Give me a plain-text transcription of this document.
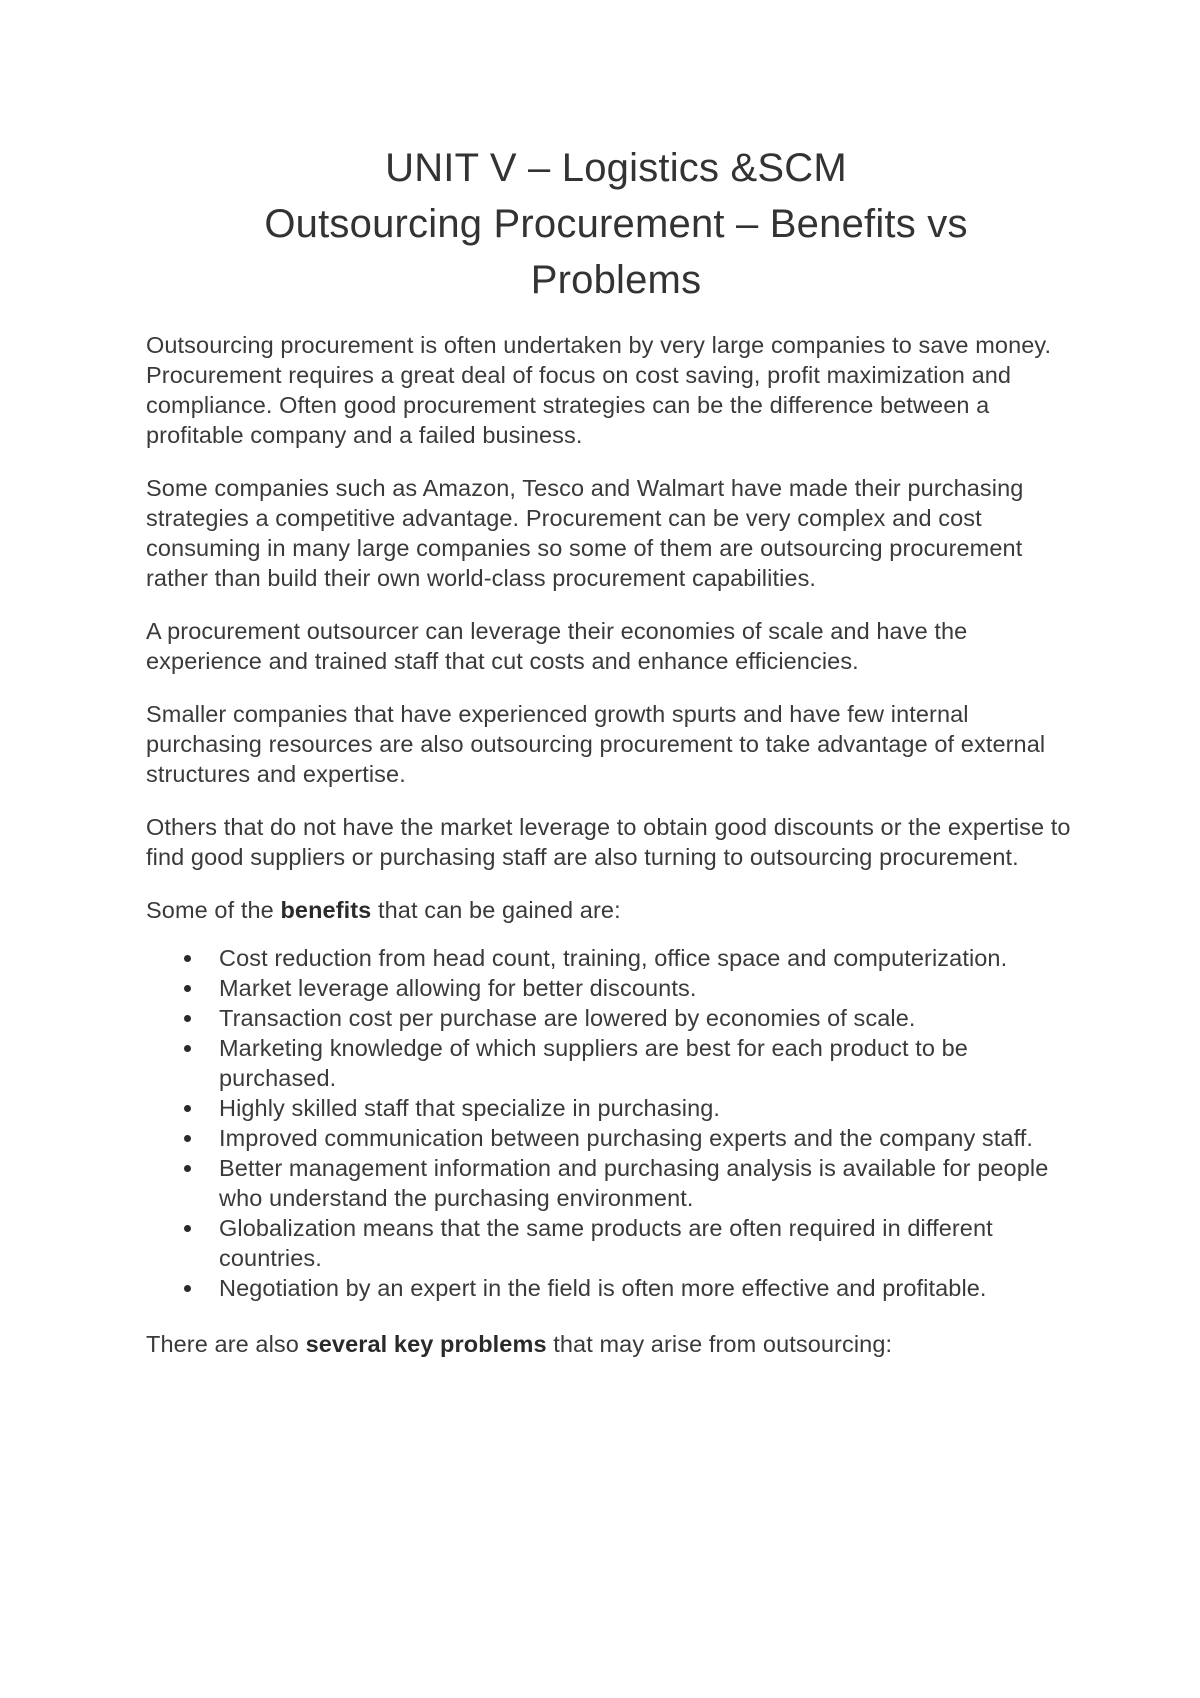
UNIT V – Logistics &SCM
Outsourcing Procurement – Benefits vs Problems

Outsourcing procurement is often undertaken by very large companies to save money. Procurement requires a great deal of focus on cost saving, profit maximization and compliance. Often good procurement strategies can be the difference between a profitable company and a failed business.

Some companies such as Amazon, Tesco and Walmart have made their purchasing strategies a competitive advantage. Procurement can be very complex and cost consuming in many large companies so some of them are outsourcing procurement rather than build their own world-class procurement capabilities.

A procurement outsourcer can leverage their economies of scale and have the experience and trained staff that cut costs and enhance efficiencies.

Smaller companies that have experienced growth spurts and have few internal purchasing resources are also outsourcing procurement to take advantage of external structures and expertise.

Others that do not have the market leverage to obtain good discounts or the expertise to find good suppliers or purchasing staff are also turning to outsourcing procurement.

Some of the benefits that can be gained are:

Cost reduction from head count, training, office space and computerization.
Market leverage allowing for better discounts.
Transaction cost per purchase are lowered by economies of scale.
Marketing knowledge of which suppliers are best for each product to be purchased.
Highly skilled staff that specialize in purchasing.
Improved communication between purchasing experts and the company staff.
Better management information and purchasing analysis is available for people who understand the purchasing environment.
Globalization means that the same products are often required in different countries.
Negotiation by an expert in the field is often more effective and profitable.

There are also several key problems that may arise from outsourcing:
